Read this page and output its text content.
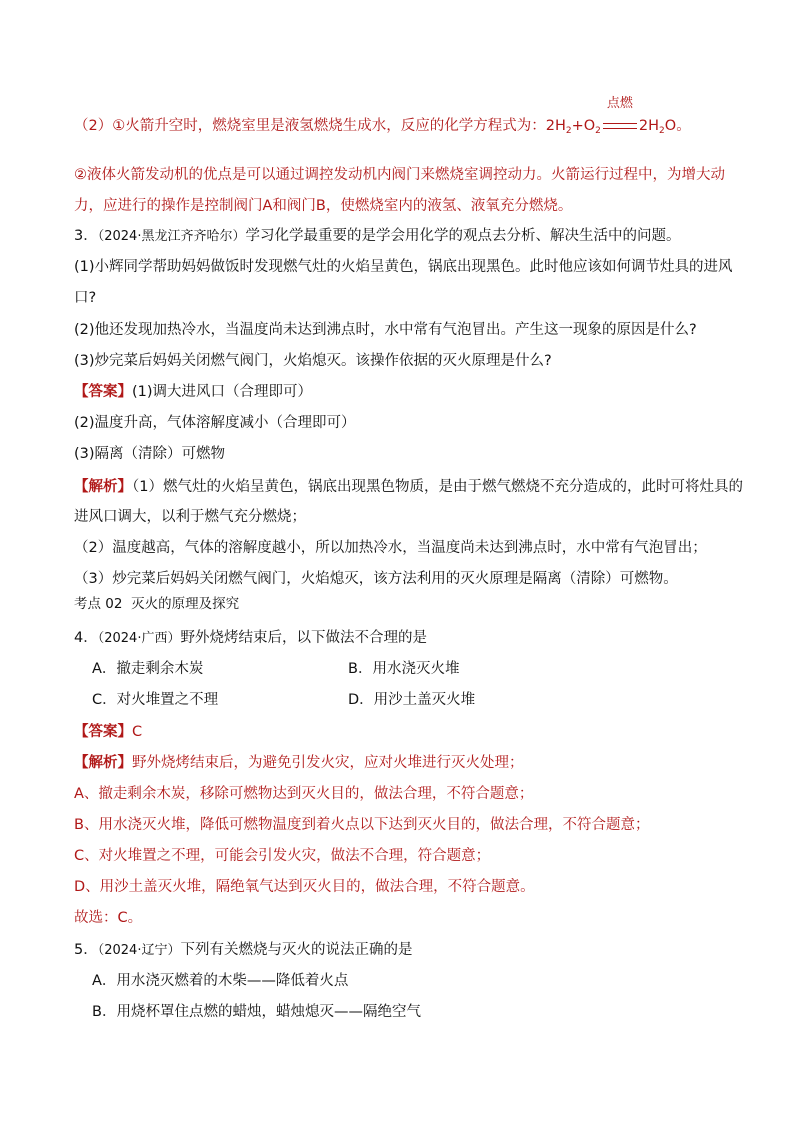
（2）①火箭升空时，燃烧室里是液氢燃烧生成水，反应的化学方程式为：$2H_2+O_2$
点燃
$2H_2O$。
②液体火箭发动机的优点是可以通过调控发动机内阀门来燃烧室调控动力。火箭运行过程中，为增大动
力，应进行的操作是控制阀门A和阀门B，使燃烧室内的液氢、液氧充分燃烧。
3．（2024·黑龙江齐齐哈尔）学习化学最重要的是学会用化学的观点去分析、解决生活中的问题。
(1)小辉同学帮助妈妈做饭时发现燃气灶的火焰呈黄色，锅底出现黑色。此时他应该如何调节灶具的进风
口?
(2)他还发现加热冷水，当温度尚未达到沸点时，水中常有气泡冒出。产生这一现象的原因是什么?
(3)炒完菜后妈妈关闭燃气阀门，火焰熄灭。该操作依据的灭火原理是什么?
【答案】(1)调大进风口（合理即可）
(2)温度升高，气体溶解度减小（合理即可）
(3)隔离（清除）可燃物
【解析】（1）燃气灶的火焰呈黄色，锅底出现黑色物质，是由于燃气燃烧不充分造成的，此时可将灶具的
进风口调大，以利于燃气充分燃烧；
（2）温度越高，气体的溶解度越小，所以加热冷水，当温度尚未达到沸点时，水中常有气泡冒出；
（3）炒完菜后妈妈关闭燃气阀门，火焰熄灭，该方法利用的灭火原理是隔离（清除）可燃物。
考点 02 灭火的原理及探究
4．（2024·广西）野外烧烤结束后，以下做法不合理的是
A．撤走剩余木炭	B．用水浇灭火堆
C．对火堆置之不理	D．用沙土盖灭火堆
【答案】C
【解析】野外烧烤结束后，为避免引发火灾，应对火堆进行灭火处理；
A、撤走剩余木炭，移除可燃物达到灭火目的，做法合理，不符合题意；
B、用水浇灭火堆，降低可燃物温度到着火点以下达到灭火目的，做法合理，不符合题意；
C、对火堆置之不理，可能会引发火灾，做法不合理，符合题意；
D、用沙土盖灭火堆，隔绝氧气达到灭火目的，做法合理，不符合题意。
故选：C。
5．（2024·辽宁）下列有关燃烧与灭火的说法正确的是
A．用水浇灭燃着的木柴——降低着火点
B．用烧杯罩住点燃的蜡烛，蜡烛熄灭——隔绝空气
